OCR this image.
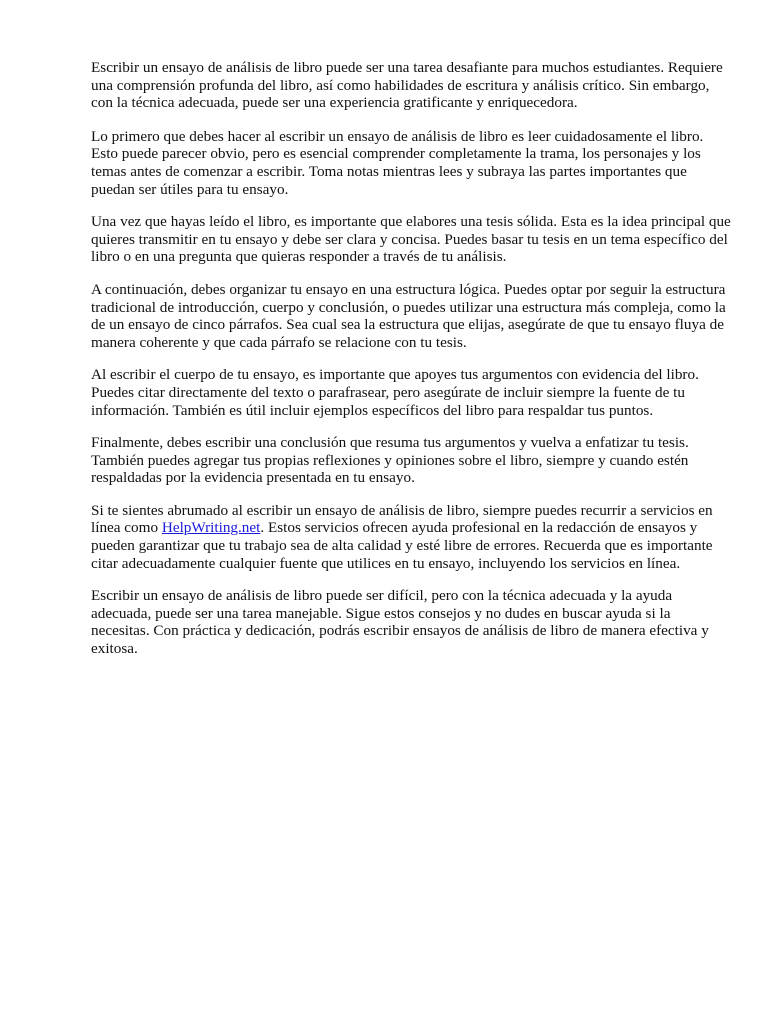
Escribir un ensayo de análisis de libro puede ser una tarea desafiante para muchos estudiantes. Requiere una comprensión profunda del libro, así como habilidades de escritura y análisis crítico. Sin embargo, con la técnica adecuada, puede ser una experiencia gratificante y enriquecedora.

Lo primero que debes hacer al escribir un ensayo de análisis de libro es leer cuidadosamente el libro. Esto puede parecer obvio, pero es esencial comprender completamente la trama, los personajes y los temas antes de comenzar a escribir. Toma notas mientras lees y subraya las partes importantes que puedan ser útiles para tu ensayo.

Una vez que hayas leído el libro, es importante que elabores una tesis sólida. Esta es la idea principal que quieres transmitir en tu ensayo y debe ser clara y concisa. Puedes basar tu tesis en un tema específico del libro o en una pregunta que quieras responder a través de tu análisis.

A continuación, debes organizar tu ensayo en una estructura lógica. Puedes optar por seguir la estructura tradicional de introducción, cuerpo y conclusión, o puedes utilizar una estructura más compleja, como la de un ensayo de cinco párrafos. Sea cual sea la estructura que elijas, asegúrate de que tu ensayo fluya de manera coherente y que cada párrafo se relacione con tu tesis.

Al escribir el cuerpo de tu ensayo, es importante que apoyes tus argumentos con evidencia del libro. Puedes citar directamente del texto o parafrasear, pero asegúrate de incluir siempre la fuente de tu información. También es útil incluir ejemplos específicos del libro para respaldar tus puntos.

Finalmente, debes escribir una conclusión que resuma tus argumentos y vuelva a enfatizar tu tesis. También puedes agregar tus propias reflexiones y opiniones sobre el libro, siempre y cuando estén respaldadas por la evidencia presentada en tu ensayo.

Si te sientes abrumado al escribir un ensayo de análisis de libro, siempre puedes recurrir a servicios en línea como HelpWriting.net. Estos servicios ofrecen ayuda profesional en la redacción de ensayos y pueden garantizar que tu trabajo sea de alta calidad y esté libre de errores. Recuerda que es importante citar adecuadamente cualquier fuente que utilices en tu ensayo, incluyendo los servicios en línea.

Escribir un ensayo de análisis de libro puede ser difícil, pero con la técnica adecuada y la ayuda adecuada, puede ser una tarea manejable. Sigue estos consejos y no dudes en buscar ayuda si la necesitas. Con práctica y dedicación, podrás escribir ensayos de análisis de libro de manera efectiva y exitosa.
